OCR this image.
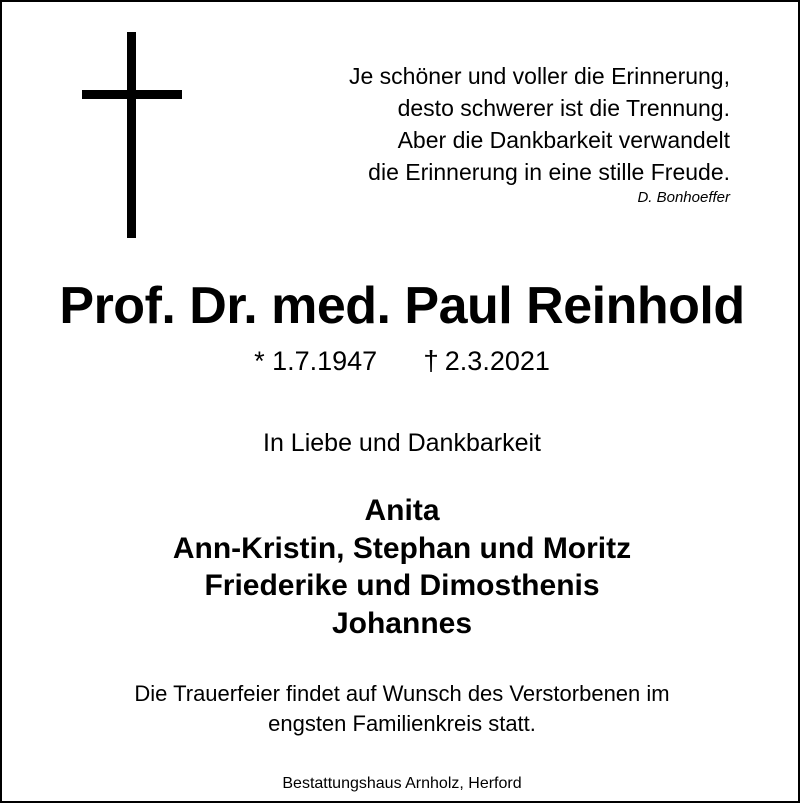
Je schöner und voller die Erinnerung,
desto schwerer ist die Trennung.
Aber die Dankbarkeit verwandelt
die Erinnerung in eine stille Freude.
D. Bonhoeffer
Prof. Dr. med. Paul Reinhold
* 1.7.1947 † 2.3.2021
In Liebe und Dankbarkeit
Anita
Ann-Kristin, Stephan und Moritz
Friederike und Dimosthenis
Johannes
Die Trauerfeier findet auf Wunsch des Verstorbenen im
engsten Familienkreis statt.
Bestattungshaus Arnholz, Herford
